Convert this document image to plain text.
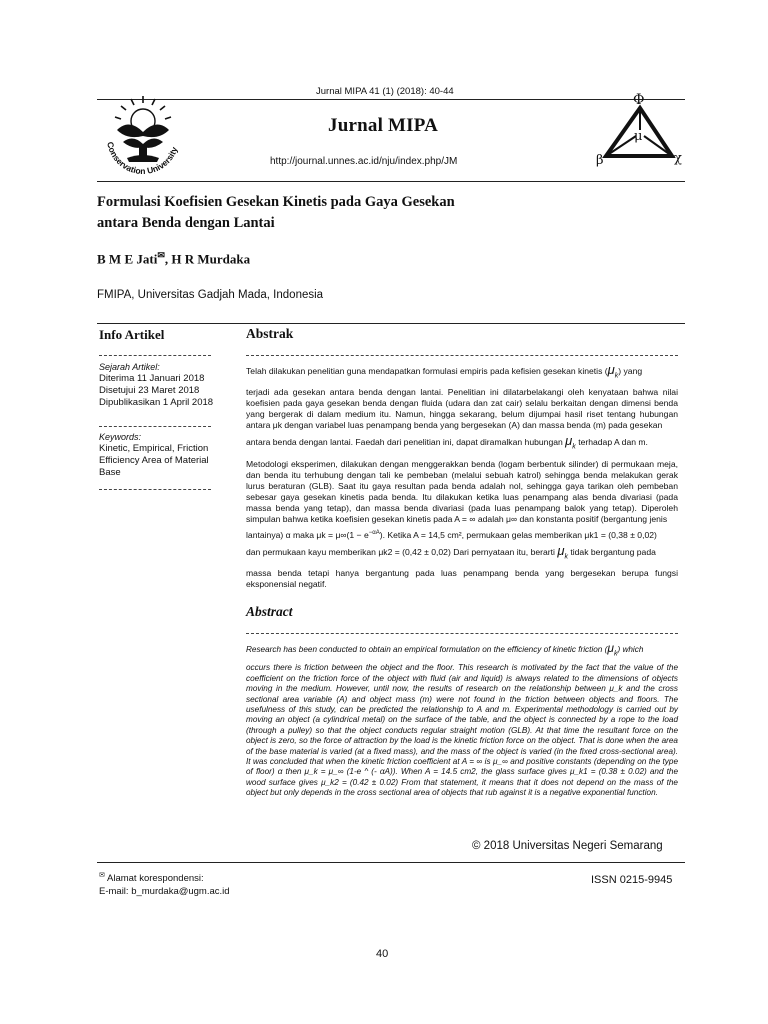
Conservation University
Jurnal MIPA 41 (1) (2018): 40-44
Jurnal MIPA
http://journal.unnes.ac.id/nju/index.php/JM
Φ
μ
β	χ
Formulasi Koefisien Gesekan Kinetis pada Gaya Gesekan
antara Benda dengan Lantai
B M E Jati✉, H R Murdaka
FMIPA, Universitas Gadjah Mada, Indonesia
Info Artikel
Sejarah Artikel:
Diterima 11 Januari 2018
Disetujui 23 Maret 2018
Dipublikasikan 1 April 2018
Keywords:
Kinetic, Empirical, Friction
Efficiency Area of Material
Base
Abstrak

Telah dilakukan penelitian guna mendapatkan formulasi empiris pada kefisien gesekan kinetis $(\mu_k)$ yang

terjadi ada gesekan antara benda dengan lantai. Penelitian ini dilatarbelakangi oleh kenyataan bahwa nilai koefisien pada gaya gesekan benda dengan fluida (udara dan zat cair) selalu berkaitan dengan dimensi benda yang bergerak di dalam medium itu. Namun, hingga sekarang, belum dijumpai hasil riset tentang hubungan antara μk dengan variabel luas penampang benda yang bergesekan (A) dan massa benda (m) pada gesekan

antara benda dengan lantai. Faedah dari penelitian ini, dapat diramalkan hubungan $\mu_k$ terhadap A dan m.

Metodologi eksperimen, dilakukan dengan menggerakkan benda (logam berbentuk silinder) di permukaan meja, dan benda itu terhubung dengan tali ke pembeban (melalui sebuah katrol) sehingga benda melakukan gerak lurus beraturan (GLB). Saat itu gaya resultan pada benda adalah nol, sehingga gaya tarikan oleh pembeban sebesar gaya gesekan kinetis pada benda. Itu dilakukan ketika luas penampang alas benda divariasi (pada massa benda yang tetap), dan massa benda divariasi (pada luas penampang balok yang tetap). Diperoleh simpulan bahwa ketika koefisien gesekan kinetis pada A = ∞ adalah μ∞ dan konstanta positif (bergantung jenis

lantainya) α maka $\mu k = \mu\infty(1 - e^{-\alpha A})$. Ketika A = 14,5 cm², permukaan gelas memberikan μk1 = (0,38 ± 0,02)

dan permukaan kayu memberikan μk2 = (0,42 ± 0,02) Dari pernyataan itu, berarti $\mu_k$ tidak bergantung pada

massa benda tetapi hanya bergantung pada luas penampang benda yang bergesekan berupa fungsi eksponensial negatif.

Abstract

Research has been conducted to obtain an empirical formulation on the efficiency of kinetic friction $(\mu_k)$ which

occurs there is friction between the object and the floor. This research is motivated by the fact that the value of the coefficient on the friction force of the object with fluid (air and liquid) is always related to the dimensions of objects moving in the medium. However, until now, the results of research on the relationship between μ_k and the cross sectional area variable (A) and object mass (m) were not found in the friction between objects and floors. The usefulness of this study, can be predicted the relationship to A and m. Experimental methodology is carried out by moving an object (a cylindrical metal) on the surface of the table, and the object is connected by a rope to the load (through a pulley) so that the object conducts regular straight motion (GLB). At that time the resultant force on the object is zero, so the force of attraction by the load is the kinetic friction force on the object. That is done when the area of the base material is varied (at a fixed mass), and the mass of the object is varied (in the fixed cross-sectional area). It was concluded that when the kinetic friction coefficient at A = ∞ is μ_∞ and positive constants (depending on the type of floor) α then μ_k = μ_∞ (1-e ^ (- αA)). When A = 14.5 cm2, the glass surface gives μ_k1 = (0.38 ± 0.02) and the wood surface gives μ_k2 = (0.42 ± 0.02) From that statement, it means that it does not depend on the mass of the object but only depends in the cross sectional area of objects that rub against it is a negative exponential function.

© 2018 Universitas Negeri Semarang
✉ Alamat korespondensi:
E-mail: b_murdaka@ugm.ac.id
ISSN 0215-9945
40
